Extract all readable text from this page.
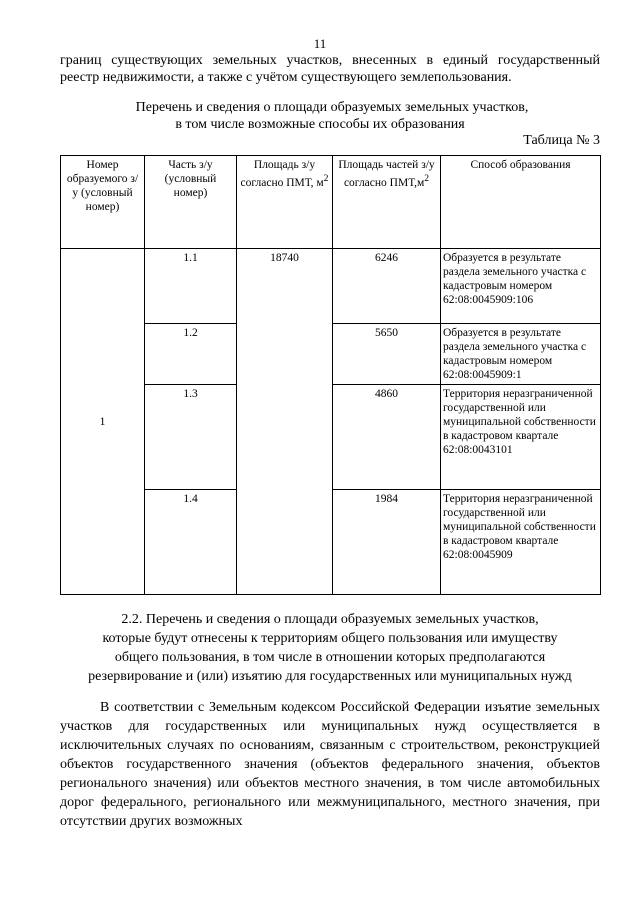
11

границ существующих земельных участков, внесенных в единый государственный

реестр недвижимости, а также с учётом существующего землепользования.

Перечень и сведения о площади образуемых земельных участков,
в том числе возможные способы их образования
Таблица № 3
Номер образуемого з/у (условный номер)	Часть з/у (условный номер)	Площадь з/у согласно ПМТ, $м^2$	Площадь частей з/у согласно $ПМТ,м^2$	Способ образования
1	1.1	18740	6246	Образуется в результате раздела земельного участка с кадастровым номером 62:08:0045909:106
	1.2		5650	Образуется в результате раздела земельного участка с кадастровым номером 62:08:0045909:1
	1.3		4860	Территория неразграниченной государственной или муниципальной собственности в кадастровом квартале 62:08:0043101
	1.4		1984	Территория неразграниченной государственной или муниципальной собственности в кадастровом квартале 62:08:0045909
2.2. Перечень и сведения о площади образуемых земельных участков,
которые будут отнесены к территориям общего пользования или имуществу
общего пользования, в том числе в отношении которых предполагаются
резервирование и (или) изъятию для государственных или муниципальных нужд

В соответствии с Земельным кодексом Российской Федерации изъятие земельных участков для государственных или муниципальных нужд осуществляется в исключительных случаях по основаниям, связанным с строительством, реконструкцией объектов государственного значения (объектов федерального значения, объектов регионального значения) или объектов местного значения, в том числе автомобильных дорог федерального, регионального или межмуниципального, местного значения, при отсутствии других возможных
